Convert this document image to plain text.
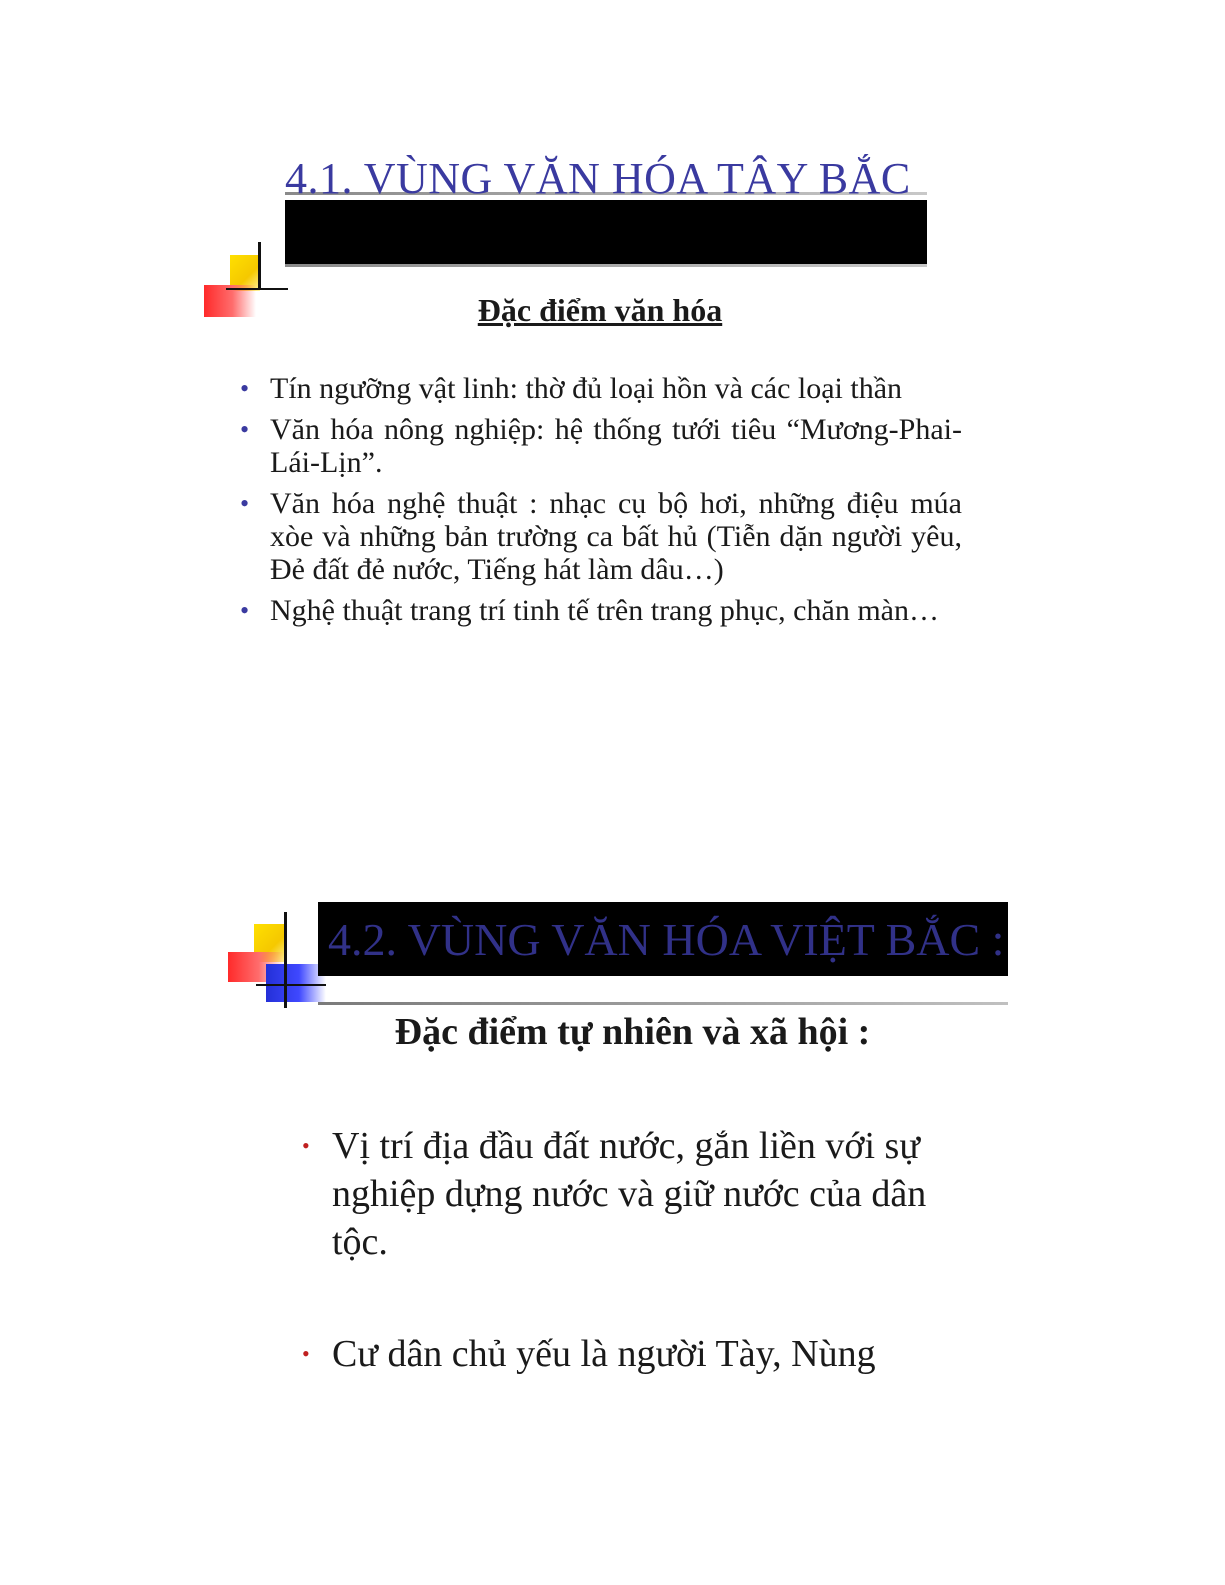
4.1. VÙNG VĂN HÓA TÂY BẮC
Đặc điểm văn hóa
• Tín ngưỡng vật linh: thờ đủ loại hồn và các loại thần
• Văn hóa nông nghiệp: hệ thống tưới tiêu “Mương-Phai-Lái-Lịn”.
• Văn hóa nghệ thuật : nhạc cụ bộ hơi, những điệu múa xòe và những bản trường ca bất hủ (Tiễn dặn người yêu, Đẻ đất đẻ nước, Tiếng hát làm dâu…)
• Nghệ thuật trang trí tinh tế trên trang phục, chăn màn…
4.2. VÙNG VĂN HÓA VIỆT BẮC :
Đặc điểm tự nhiên và xã hội :
• Vị trí địa đầu đất nước, gắn liền với sự nghiệp dựng nước và giữ nước của dân tộc.
• Cư dân chủ yếu là người Tày, Nùng
